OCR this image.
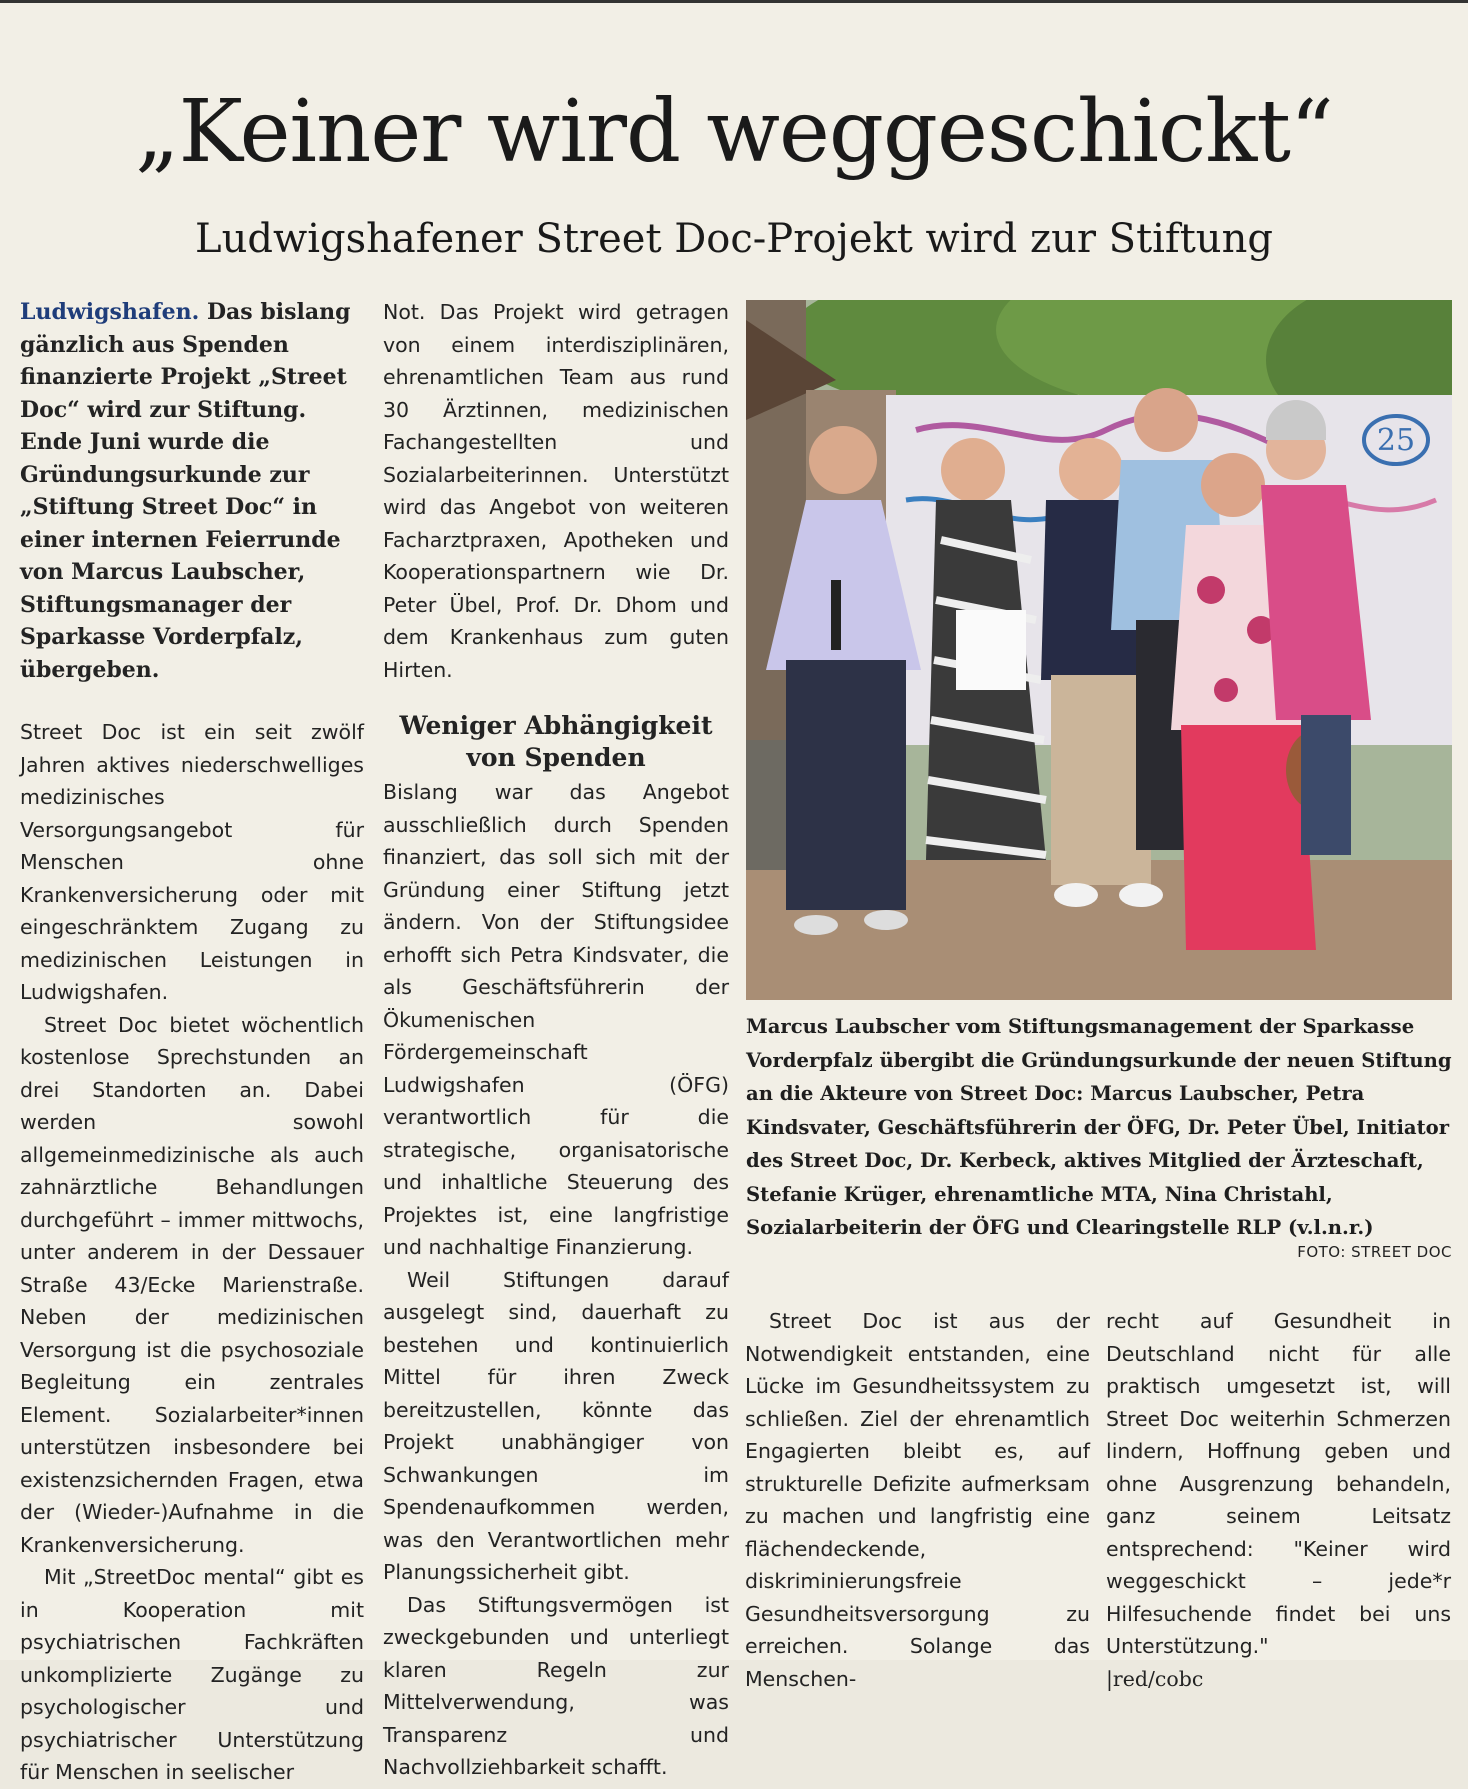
„Keiner wird weggeschickt“
Ludwigshafener Street Doc-Projekt wird zur Stiftung

Ludwigshafen. Das bislang gänzlich aus Spenden finanzierte Projekt „Street Doc“ wird zur Stiftung. Ende Juni wurde die Gründungsurkunde zur „Stiftung Street Doc“ in einer internen Feierrunde von Marcus Laubscher, Stiftungsmanager der Sparkasse Vorderpfalz, übergeben.

Street Doc ist ein seit zwölf Jahren aktives niederschwelliges medizinisches Versorgungsangebot für Menschen ohne Krankenversicherung oder mit eingeschränktem Zugang zu medizinischen Leistungen in Ludwigshafen.

Street Doc bietet wöchentlich kostenlose Sprechstunden an drei Standorten an. Dabei werden sowohl allgemeinmedizinische als auch zahnärztliche Behandlungen durchgeführt – immer mittwochs, unter anderem in der Dessauer Straße 43/Ecke Marienstraße. Neben der medizinischen Versorgung ist die psychosoziale Begleitung ein zentrales Element. Sozialarbeiter*innen unterstützen insbesondere bei existenzsichernden Fragen, etwa der (Wieder-)Aufnahme in die Krankenversicherung.

Mit „StreetDoc mental“ gibt es in Kooperation mit psychiatrischen Fachkräften unkomplizierte Zugänge zu psychologischer und psychiatrischer Unterstützung für Menschen in seelischer

Not. Das Projekt wird getragen von einem interdisziplinären, ehrenamtlichen Team aus rund 30 Ärztinnen, medizinischen Fachangestellten und Sozialarbeiterinnen. Unterstützt wird das Angebot von weiteren Facharztpraxen, Apotheken und Kooperationspartnern wie Dr. Peter Übel, Prof. Dr. Dhom und dem Krankenhaus zum guten Hirten.

Weniger Abhängigkeit von Spenden

Bislang war das Angebot ausschließlich durch Spenden finanziert, das soll sich mit der Gründung einer Stiftung jetzt ändern. Von der Stiftungsidee erhofft sich Petra Kindsvater, die als Geschäftsführerin der Ökumenischen Fördergemeinschaft Ludwigshafen (ÖFG) verantwortlich für die strategische, organisatorische und inhaltliche Steuerung des Projektes ist, eine langfristige und nachhaltige Finanzierung.

Weil Stiftungen darauf ausgelegt sind, dauerhaft zu bestehen und kontinuierlich Mittel für ihren Zweck bereitzustellen, könnte das Projekt unabhängiger von Schwankungen im Spendenaufkommen werden, was den Verantwortlichen mehr Planungssicherheit gibt.

Das Stiftungsvermögen ist zweckgebunden und unterliegt klaren Regeln zur Mittelverwendung, was Transparenz und Nachvollziehbarkeit schafft.

25
Marcus Laubscher vom Stiftungsmanagement der Sparkasse Vorderpfalz übergibt die Gründungsurkunde der neuen Stiftung an die Akteure von Street Doc: Marcus Laubscher, Petra Kindsvater, Geschäftsführerin der ÖFG, Dr. Peter Übel, Initiator des Street Doc, Dr. Kerbeck, aktives Mitglied der Ärzteschaft, Stefanie Krüger, ehrenamtliche MTA, Nina Christahl, Sozialarbeiterin der ÖFG und Clearingstelle RLP (v.l.n.r.)
FOTO: STREET DOC

Street Doc ist aus der Notwendigkeit entstanden, eine Lücke im Gesundheitssystem zu schließen. Ziel der ehrenamtlich Engagierten bleibt es, auf strukturelle Defizite aufmerksam zu machen und langfristig eine flächendeckende, diskriminierungsfreie Gesundheitsversorgung zu erreichen. Solange das Menschen-

recht auf Gesundheit in Deutschland nicht für alle praktisch umgesetzt ist, will Street Doc weiterhin Schmerzen lindern, Hoffnung geben und ohne Ausgrenzung behandeln, ganz seinem Leitsatz entsprechend: "Keiner wird weggeschickt – jede*r Hilfesuchende findet bei uns Unterstützung."

|red/cobc
